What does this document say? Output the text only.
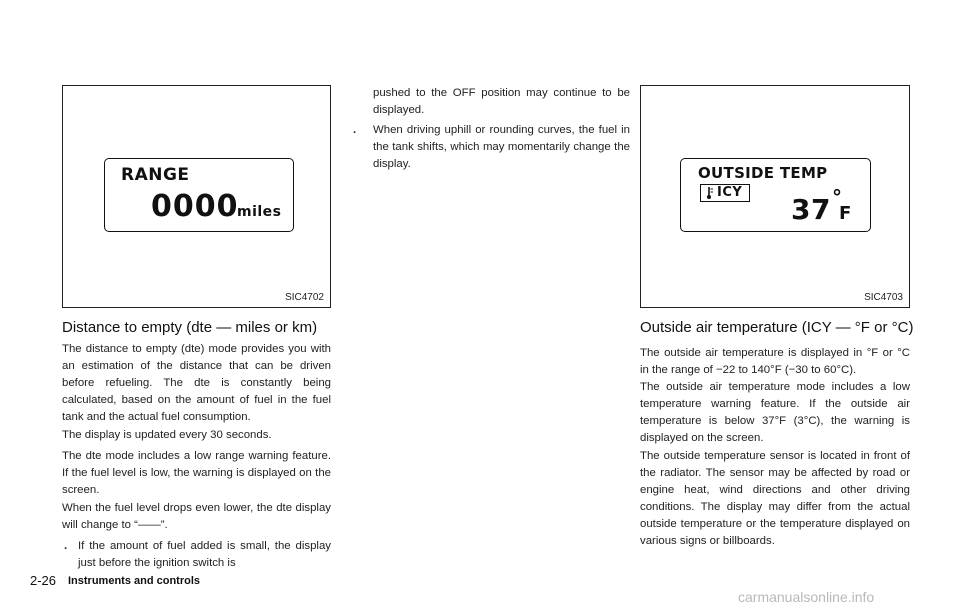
RANGE
0000
miles
SIC4702
OUTSIDE TEMP
ICY
37 °
F
SIC4703
Distance to empty (dte — miles or km)

The distance to empty (dte) mode provides you with an estimation of the distance that can be driven before refueling. The dte is constantly being calculated, based on the amount of fuel in the fuel tank and the actual fuel consumption.

The display is updated every 30 seconds.

The dte mode includes a low range warning feature. If the fuel level is low, the warning is displayed on the screen.

When the fuel level drops even lower, the dte display will change to “——”.

. If the amount of fuel added is small, the display just before the ignition switch is

pushed to the OFF position may continue to be displayed.

. When driving uphill or rounding curves, the fuel in the tank shifts, which may momentarily change the display.

Outside air temperature (ICY — °F or °C)

The outside air temperature is displayed in °F or °C in the range of −22 to 140°F (−30 to 60°C).

The outside air temperature mode includes a low temperature warning feature. If the outside air temperature is below 37°F (3°C), the warning is displayed on the screen.

The outside temperature sensor is located in front of the radiator. The sensor may be affected by road or engine heat, wind directions and other driving conditions. The display may differ from the actual outside temperature or the temperature displayed on various signs or billboards.

2-26 Instruments and controls
carmanualsonline.info
